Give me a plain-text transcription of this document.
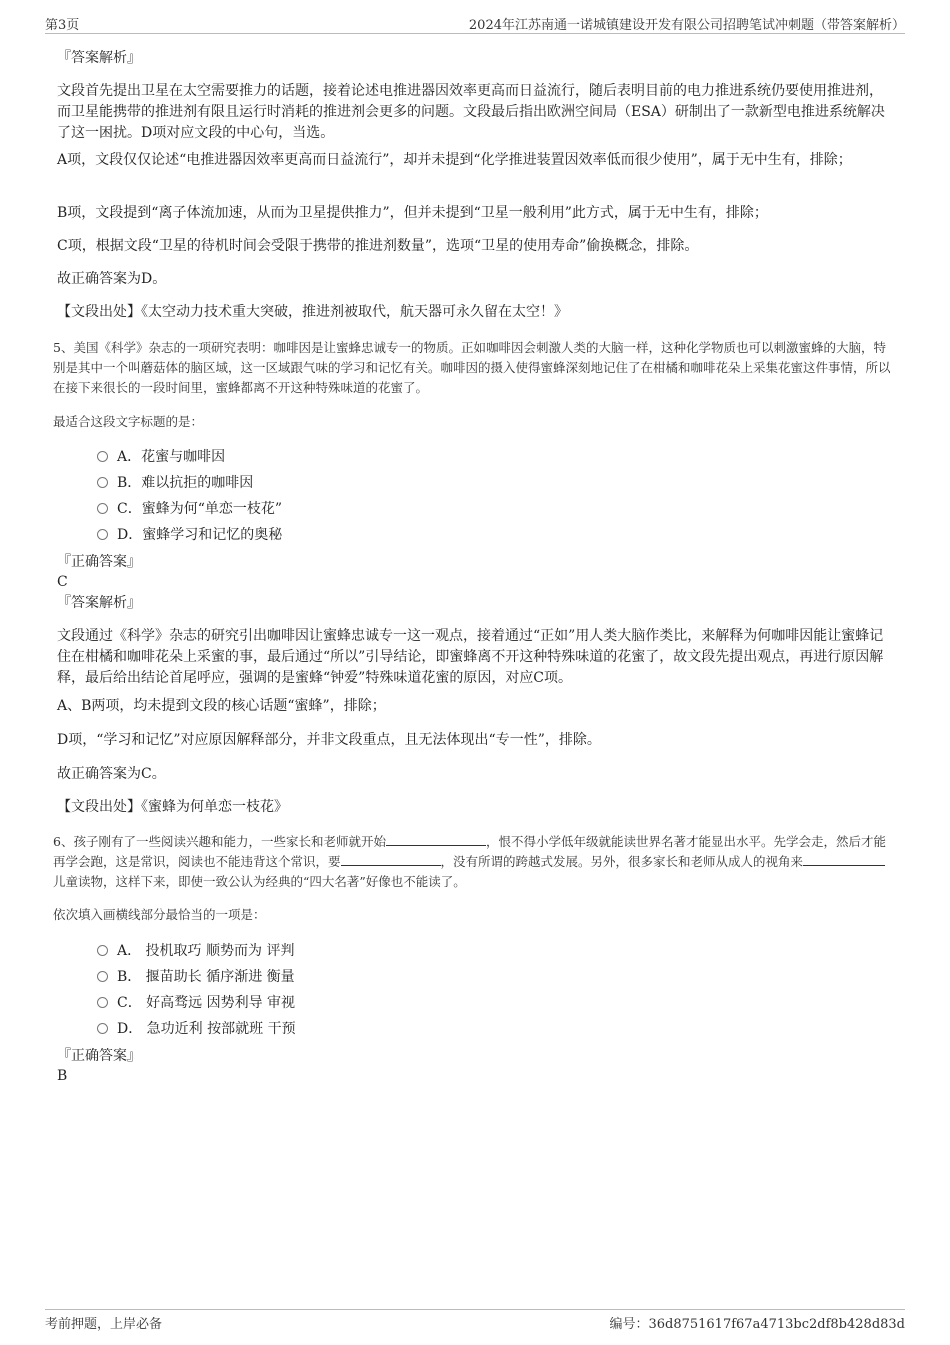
第3页	2024年江苏南通一诺城镇建设开发有限公司招聘笔试冲刺题（带答案解析）
『答案解析』

文段首先提出卫星在太空需要推力的话题，接着论述电推进器因效率更高而日益流行，随后表明目前的电力推进系统仍要使用推进剂，而卫星能携带的推进剂有限且运行时消耗的推进剂会更多的问题。文段最后指出欧洲空间局（ESA）研制出了一款新型电推进系统解决了这一困扰。D项对应文段的中心句，当选。

A项，文段仅仅论述“电推进器因效率更高而日益流行”，却并未提到“化学推进装置因效率低而很少使用”，属于无中生有，排除；

B项，文段提到“离子体流加速，从而为卫星提供推力”，但并未提到“卫星一般利用”此方式，属于无中生有，排除；

C项，根据文段“卫星的待机时间会受限于携带的推进剂数量”，选项“卫星的使用寿命”偷换概念，排除。

故正确答案为D。

【文段出处】《太空动力技术重大突破，推进剂被取代，航天器可永久留在太空！》

5、美国《科学》杂志的一项研究表明：咖啡因是让蜜蜂忠诚专一的物质。正如咖啡因会刺激人类的大脑一样，这种化学物质也可以刺激蜜蜂的大脑，特别是其中一个叫蘑菇体的脑区域，这一区域跟气味的学习和记忆有关。咖啡因的摄入使得蜜蜂深刻地记住了在柑橘和咖啡花朵上采集花蜜这件事情，所以在接下来很长的一段时间里，蜜蜂都离不开这种特殊味道的花蜜了。

最适合这段文字标题的是：

A．花蜜与咖啡因
B．难以抗拒的咖啡因
C．蜜蜂为何“单恋一枝花”
D．蜜蜂学习和记忆的奥秘
『正确答案』
C
『答案解析』

文段通过《科学》杂志的研究引出咖啡因让蜜蜂忠诚专一这一观点，接着通过“正如”用人类大脑作类比，来解释为何咖啡因能让蜜蜂记住在柑橘和咖啡花朵上采蜜的事，最后通过“所以”引导结论，即蜜蜂离不开这种特殊味道的花蜜了，故文段先提出观点，再进行原因解释，最后给出结论首尾呼应，强调的是蜜蜂“钟爱”特殊味道花蜜的原因，对应C项。

A、B两项，均未提到文段的核心话题“蜜蜂”，排除；

D项，“学习和记忆”对应原因解释部分，并非文段重点，且无法体现出“专一性”，排除。

故正确答案为C。

【文段出处】《蜜蜂为何单恋一枝花》

6、孩子刚有了一些阅读兴趣和能力，一些家长和老师就开始	，恨不得小学低年级就能读世界名著才能显出水平。先学会走，然后才能再学会跑，这是常识，阅读也不能违背这个常识，要	，没有所谓的跨越式发展。另外，很多家长和老师从成人的视角来儿童读物，这样下来，即使一致公认为经典的“四大名著”好像也不能读了。

依次填入画横线部分最恰当的一项是：

A． 投机取巧 顺势而为 评判
B． 揠苗助长 循序渐进 衡量
C． 好高骛远 因势利导 审视
D． 急功近利 按部就班 干预
『正确答案』
B
考前押题，上岸必备	编号：36d8751617f67a4713bc2df8b428d83d
